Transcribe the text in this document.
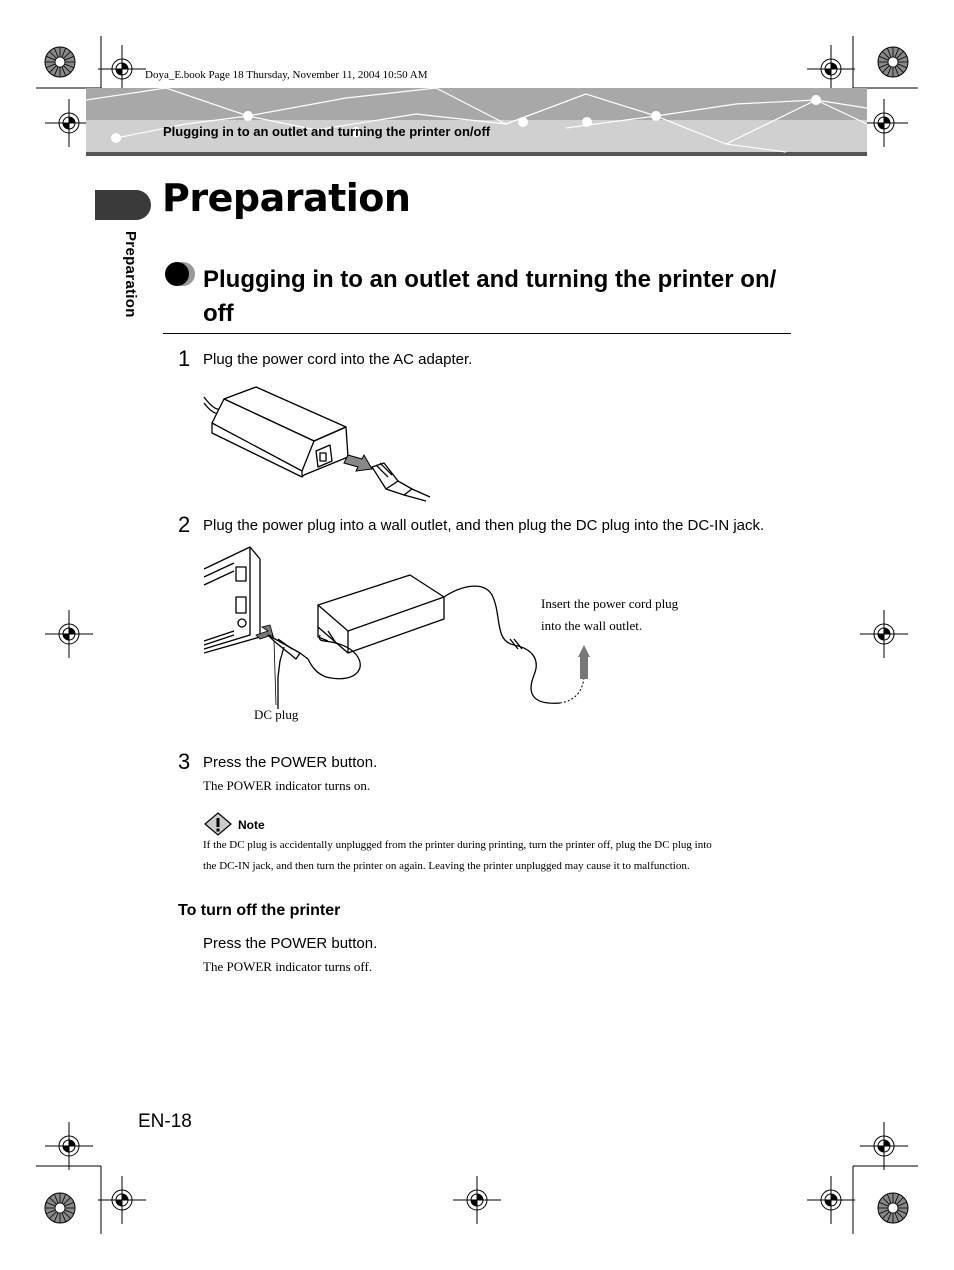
Doya_E.book Page 18 Thursday, November 11, 2004 10:50 AM
Plugging in to an outlet and turning the printer on/off
Preparation
Preparation
Plugging in to an outlet and turning the printer on/ off
1 Plug the power cord into the AC adapter.
2 Plug the power plug into a wall outlet, and then plug the DC plug into the DC-IN jack.
Insert the power cord plug
into the wall outlet.
DC plug
3 Press the POWER button.
The POWER indicator turns on.
Note
If the DC plug is accidentally unplugged from the printer during printing, turn the printer off, plug the DC plug into
the DC-IN jack, and then turn the printer on again. Leaving the printer unplugged may cause it to malfunction.
To turn off the printer
Press the POWER button.
The POWER indicator turns off.
EN-18
